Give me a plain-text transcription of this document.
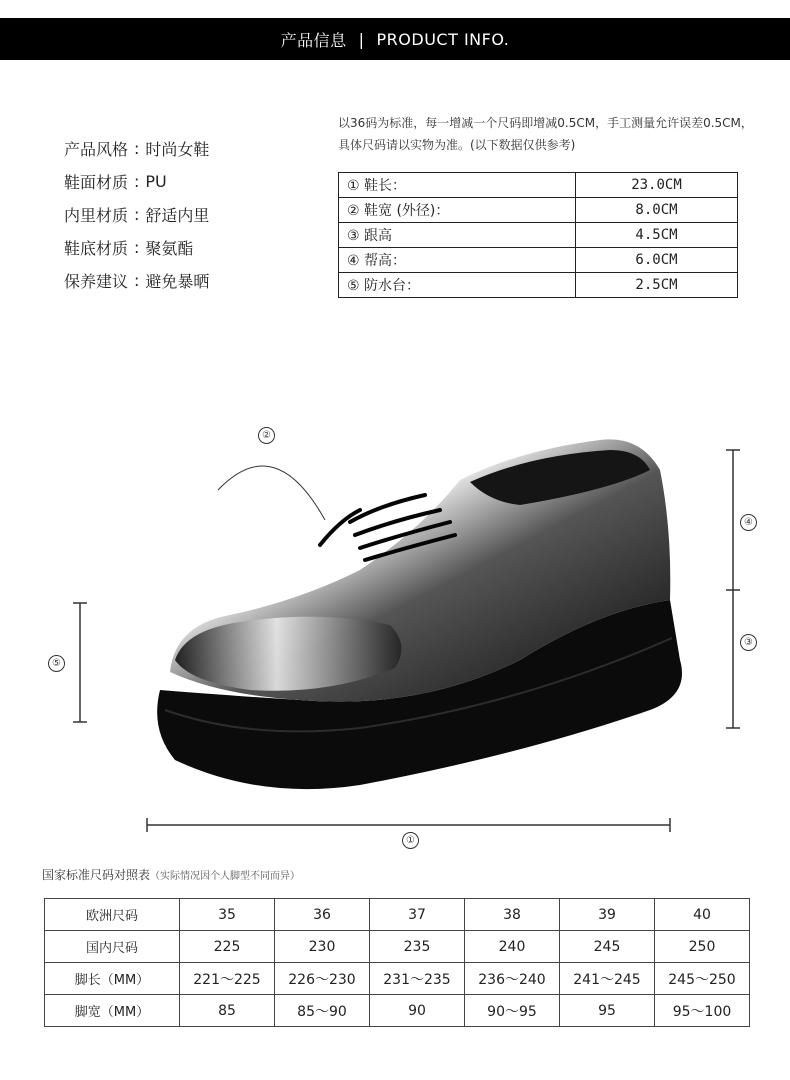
产品信息 | PRODUCT INFO.
产品风格 : 时尚女鞋
鞋面材质 : PU
内里材质 : 舒适内里
鞋底材质 : 聚氨酯
保养建议 : 避免暴晒
以36码为标准，每一增减一个尺码即增减0.5CM，手工测量允许误差0.5CM，
具体尺码请以实物为准。(以下数据仅供参考)
① 鞋长：	23.0CM
② 鞋宽 (外径)：	8.0CM
③ 跟高	4.5CM
④ 帮高：	6.0CM
⑤ 防水台：	2.5CM
②
④
③
⑤
①
国家标准尺码对照表（实际情况因个人脚型不同而异）
欧洲尺码	35	36	37	38	39	40
国内尺码	225	230	235	240	245	250
脚长（MM）	221～225	226～230	231～235	236～240	241～245	245～250
脚宽（MM）	85	85～90	90	90～95	95	95～100
